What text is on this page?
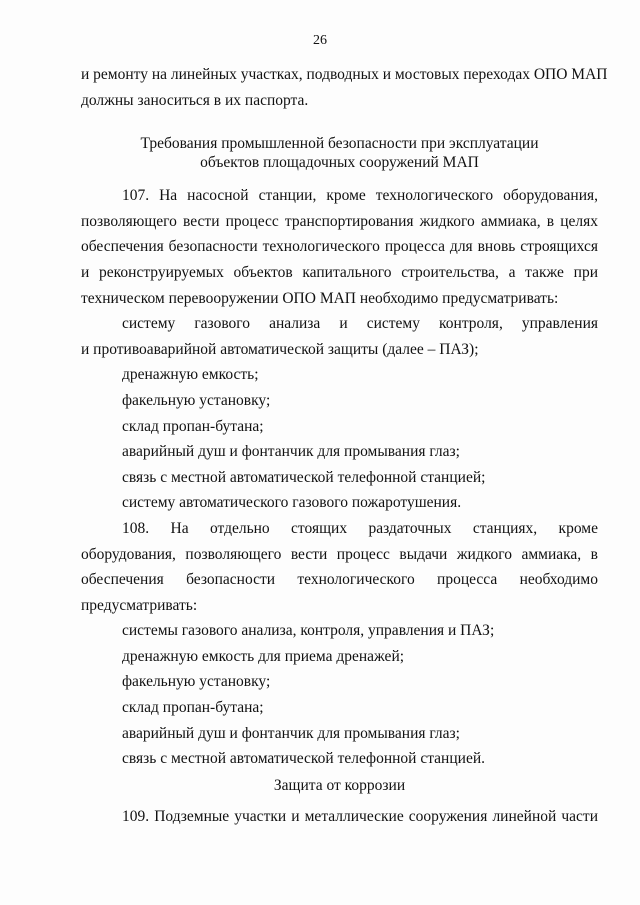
26
и ремонту на линейных участках, подводных и мостовых переходах ОПО МАП
должны заноситься в их паспорта.
Требования промышленной безопасности при эксплуатации
объектов площадочных сооружений МАП
107. На насосной станции, кроме технологического оборудования,
позволяющего вести процесс транспортирования жидкого аммиака, в целях
обеспечения безопасности технологического процесса для вновь строящихся
и реконструируемых объектов капитального строительства, а также при
техническом перевооружении ОПО МАП необходимо предусматривать:
систему газового анализа и систему контроля, управления
и противоаварийной автоматической защиты (далее – ПАЗ);
дренажную емкость;
факельную установку;
склад пропан-бутана;
аварийный душ и фонтанчик для промывания глаз;
связь с местной автоматической телефонной станцией;
систему автоматического газового пожаротушения.
108. На отдельно стоящих раздаточных станциях, кроме
оборудования, позволяющего вести процесс выдачи жидкого аммиака, в
обеспечения безопасности технологического процесса необходимо
предусматривать:
системы газового анализа, контроля, управления и ПАЗ;
дренажную емкость для приема дренажей;
факельную установку;
склад пропан-бутана;
аварийный душ и фонтанчик для промывания глаз;
связь с местной автоматической телефонной станцией.
Защита от коррозии
109. Подземные участки и металлические сооружения линейной части
